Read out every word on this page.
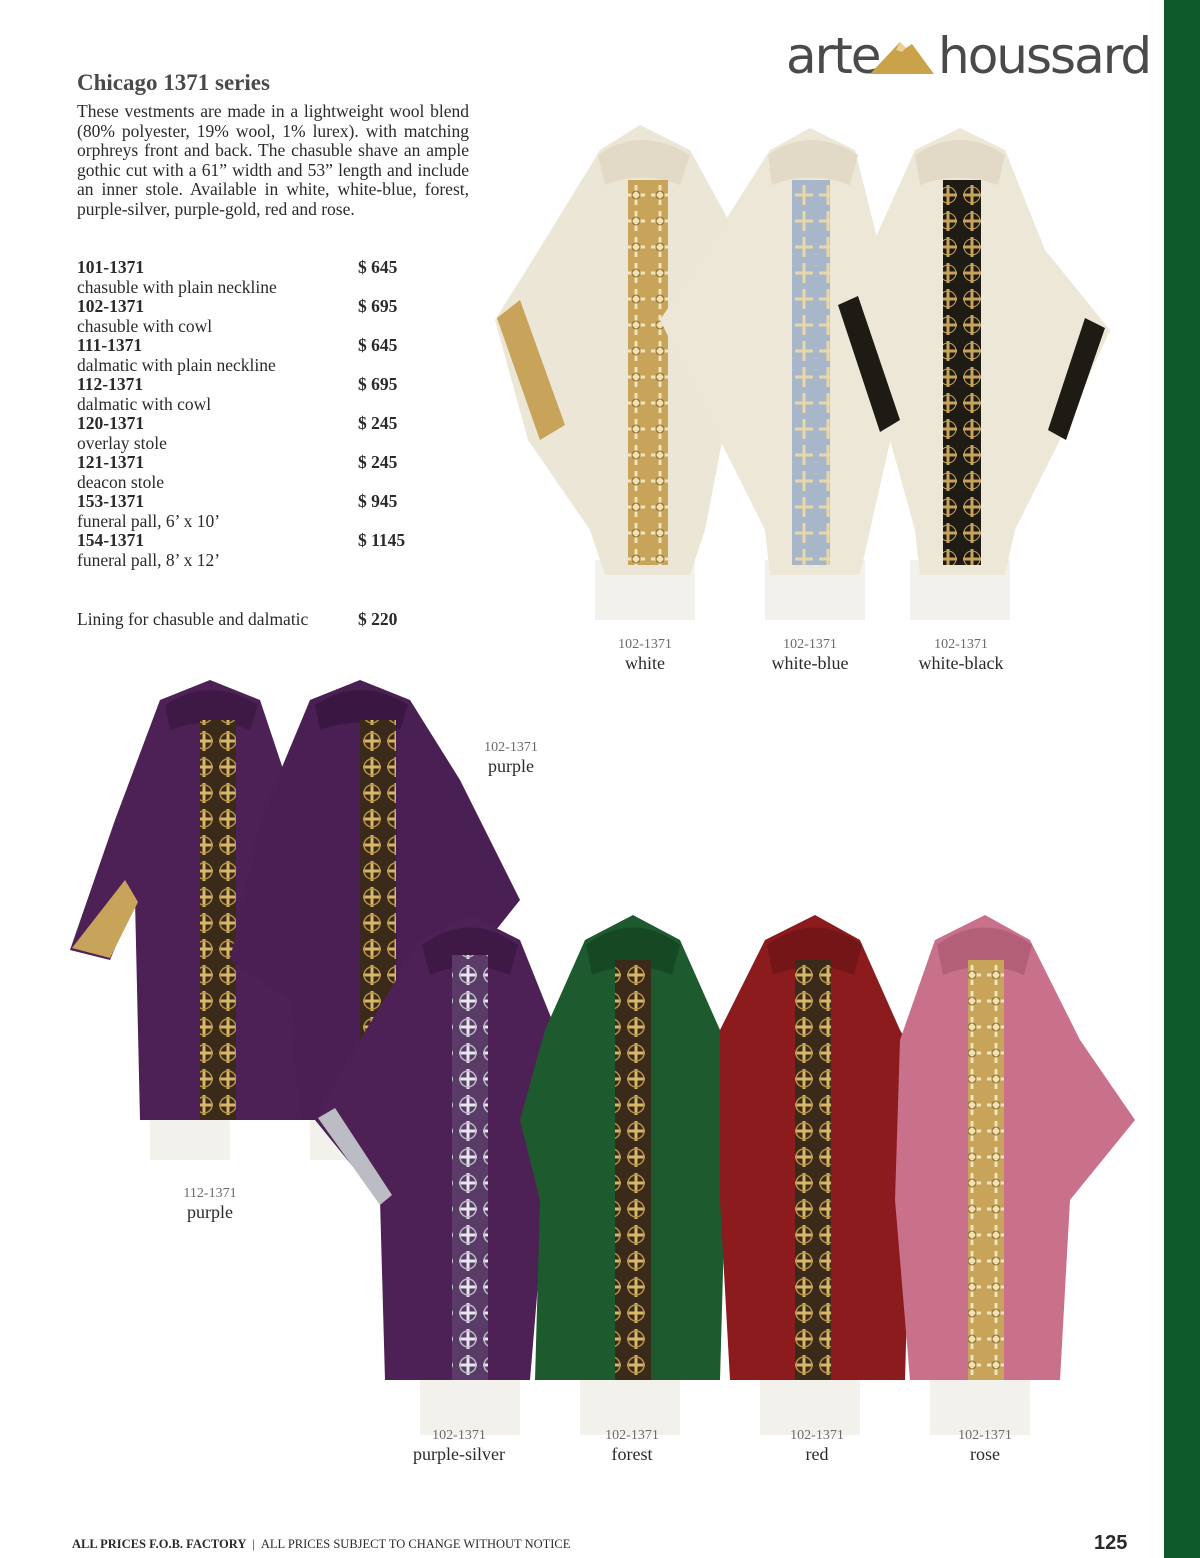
arte houssard
Chicago 1371 series
These vestments are made in a lightweight wool blend (80% polyester, 19% wool, 1% lurex). with matching orphreys front and back. The chasuble shave an ample gothic cut with a 61” width and 53” length and include an inner stole. Available in white, white-blue, forest, purple-silver, purple-gold, red and rose.
101-1371
chasuble with plain neckline
$ 645
102-1371
chasuble with cowl
$ 695
111-1371
dalmatic with plain neckline
$ 645
112-1371
dalmatic with cowl
$ 695
120-1371
overlay stole
$ 245
121-1371
deacon stole
$ 245
153-1371
funeral pall, 6’ x 10’
$ 945
154-1371
funeral pall, 8’ x 12’
$ 1145
Lining for chasuble and dalmatic	$ 220
102-1371
white
102-1371
white-blue
102-1371
white-black
102-1371
purple
112-1371
purple
102-1371
purple-silver
102-1371
forest
102-1371
red
102-1371
rose
ALL PRICES F.O.B. FACTORY | ALL PRICES SUBJECT TO CHANGE WITHOUT NOTICE	125
